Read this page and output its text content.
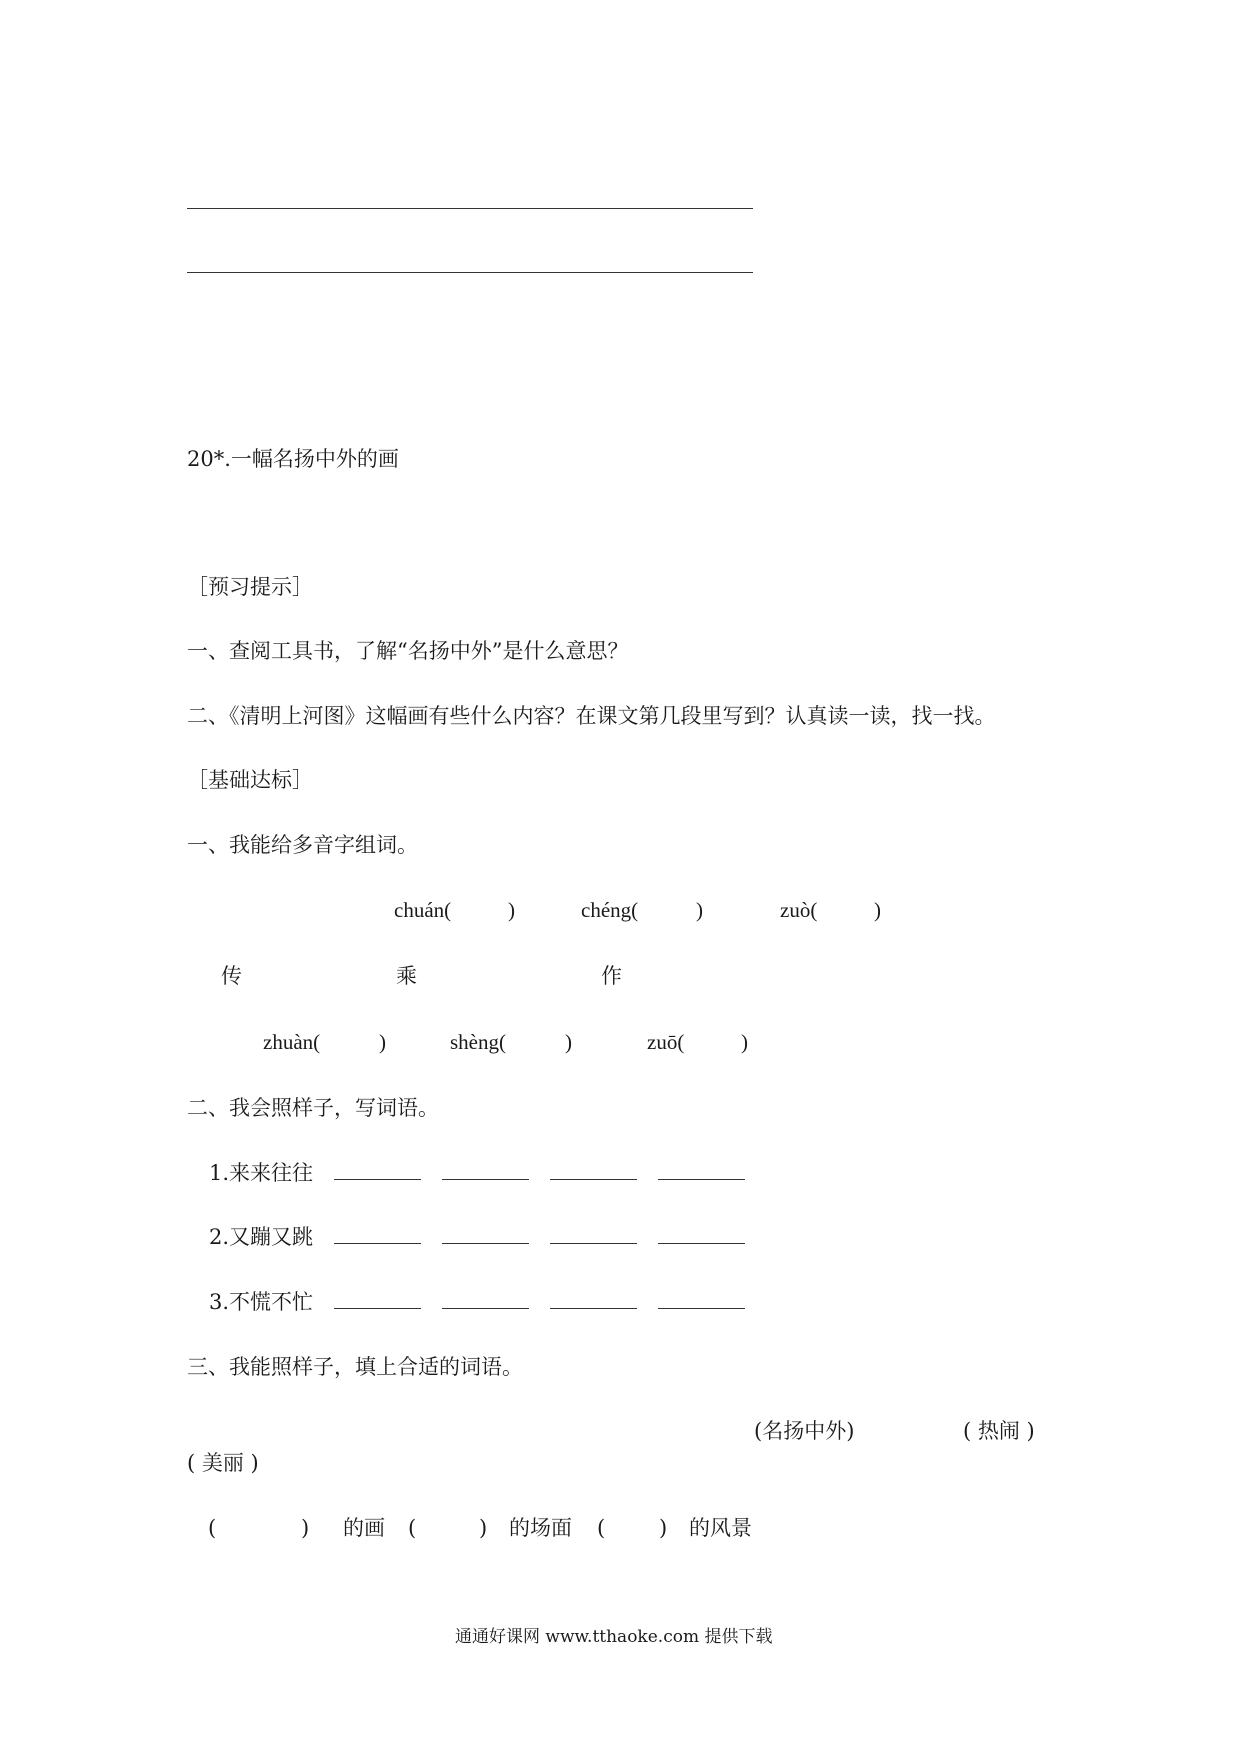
20*.一幅名扬中外的画
［预习提示］
一、查阅工具书，了解“名扬中外”是什么意思？
二、《清明上河图》这幅画有些什么内容？在课文第几段里写到？认真读一读，找一找。
［基础达标］
一、我能给多音字组词。
chuán(	)	chéng(	)	zuò(	)
传	乘	作
zhuàn(	)	shèng(	)	zuō(	)
二、我会照样子，写词语。
1.来来往往
2.又蹦又跳
3.不慌不忙
三、我能照样子，填上合适的词语。
(名扬中外)	( 热闹 )
( 美丽 )
(	) 的画 (	) 的场面 (	) 的风景
通通好课网 www.tthaoke.com 提供下载
